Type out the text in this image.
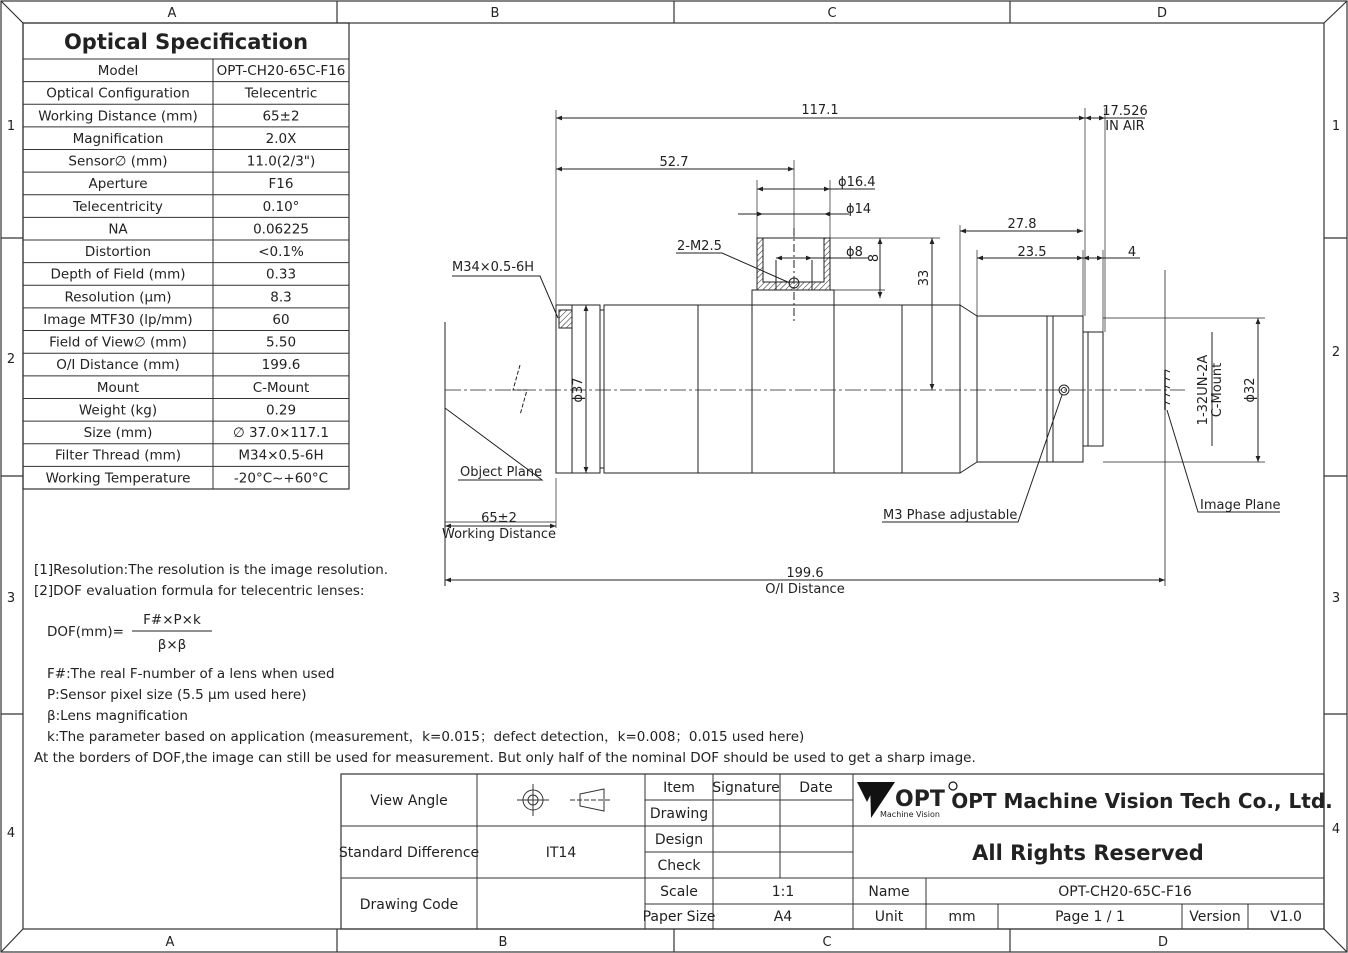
A	B	C	D
A	B	C	D
1
2
3
4
1
2
3
4
Optical Specification
Model	OPT-CH20-65C-F16
Optical Configuration	Telecentric
Working Distance (mm)	65±2
Magnification	2.0X
Sensor∅ (mm)	11.0(2/3")
Aperture	F16
Telecentricity	0.10°
NA	0.06225
Distortion	<0.1%
Depth of Field (mm)	0.33
Resolution (µm)	8.3
Image MTF30 (lp/mm)	60
Field of View∅ (mm)	5.50
O/I Distance (mm)	199.6
Mount	C-Mount
Weight (kg)	0.29
Size (mm)	∅ 37.0×117.1
Filter Thread (mm)	M34×0.5-6H
Working Temperature	-20°C~+60°C
[1]Resolution:The resolution is the image resolution.
[2]DOF evaluation formula for telecentric lenses:
DOF(mm)=
F#×P×k
β×β
F#:The real F-number of a lens when used
P:Sensor pixel size (5.5 µm used here)
β:Lens magnification
k:The parameter based on application (measurement，k=0.015；defect detection，k=0.008；0.015 used here)
At the borders of DOF,the image can still be used for measurement. But only half of the nominal DOF should be used to get a sharp image.
117.1	17.526
IN AIR
52.7
ϕ16.4
ϕ14
ϕ8 8
33
27.8
23.5	4
2-M2.5
M34×0.5-6H
ϕ37	ϕ32
1-32UN-2A C-Mount
Object Plane
Image Plane
M3 Phase adjustable
65±2
Working Distance
199.6
O/I Distance
View Angle
Standard Difference	IT14
Drawing Code
Item Signature Date
Drawing
Design
Check
Scale	1:1
Paper Size	A4
Name	OPT-CH20-65C-F16
Unit	mm	Page 1 / 1	Version V1.0
OPT Machine Vision Tech Co., Ltd.
All Rights Reserved
OPT
Machine Vision
